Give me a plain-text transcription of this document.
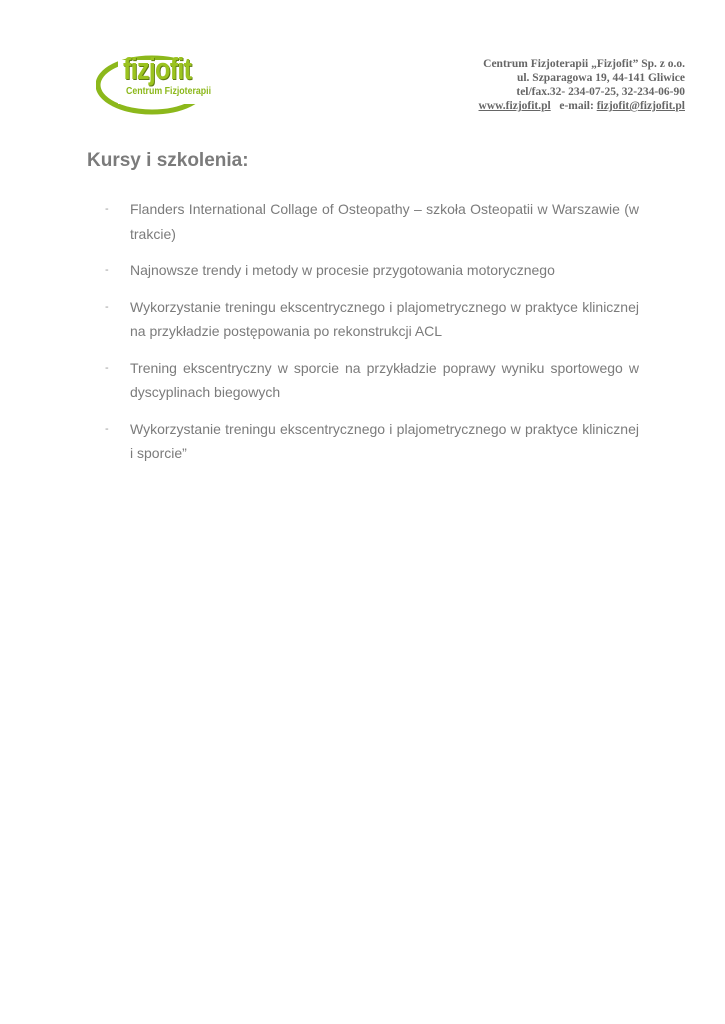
fizjofit
Centrum Fizjoterapii
Centrum Fizjoterapii „Fizjofit” Sp. z o.o.
ul. Szparagowa 19, 44-141 Gliwice
tel/fax.32- 234-07-25, 32-234-06-90
www.fizjofit.pl e-mail: fizjofit@fizjofit.pl
Kursy i szkolenia:
- Flanders International Collage of Osteopathy – szkoła Osteopatii w Warszawie (w trakcie)
- Najnowsze trendy i metody w procesie przygotowania motorycznego
- Wykorzystanie treningu ekscentrycznego i plajometrycznego w praktyce klinicznej na przykładzie postępowania po rekonstrukcji ACL
- Trening ekscentryczny w sporcie na przykładzie poprawy wyniku sportowego w dyscyplinach biegowych
- Wykorzystanie treningu ekscentrycznego i plajometrycznego w praktyce klinicznej i sporcie”
